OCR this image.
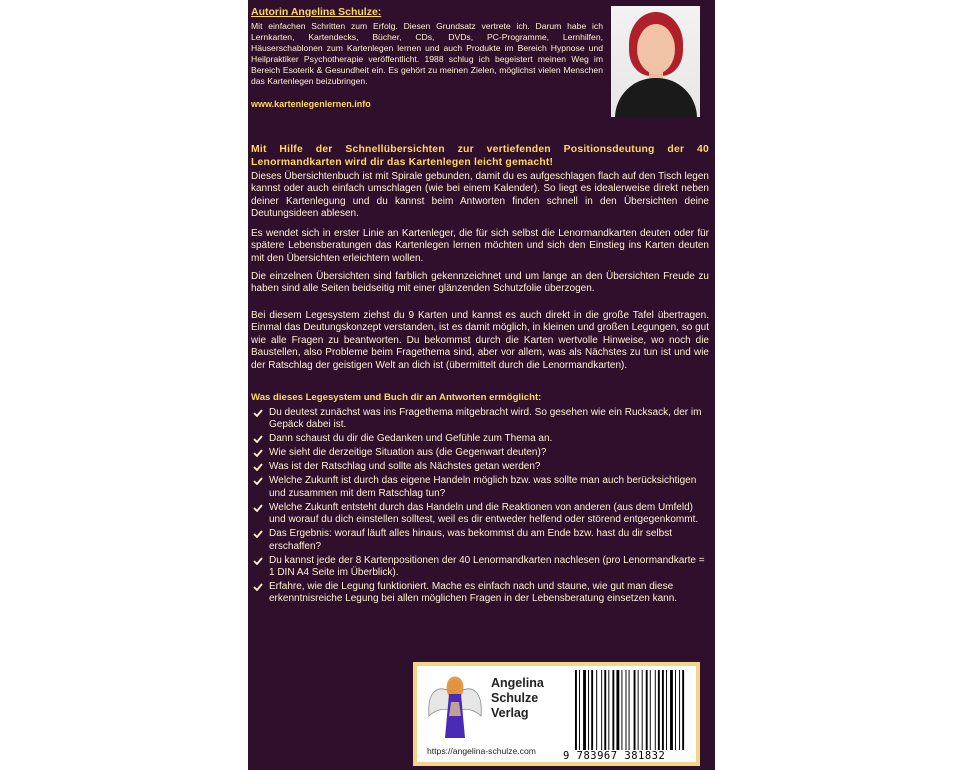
Autorin Angelina Schulze:

Mit einfachen Schritten zum Erfolg. Diesen Grundsatz vertrete ich. Darum habe ich Lernkarten, Kartendecks, Bücher, CDs, DVDs, PC-Programme, Lernhilfen, Häuserschablonen zum Kartenlegen lernen und auch Produkte im Bereich Hypnose und Heilpraktiker Psychotherapie veröffentlicht. 1988 schlug ich begeistert meinen Weg im Bereich Esoterik & Gesundheit ein. Es gehört zu meinen Zielen, möglichst vielen Menschen das Kartenlegen beizubringen.

www.kartenlegenlernen.info

Mit Hilfe der Schnellübersichten zur vertiefenden Positionsdeutung der 40 Lenormandkarten wird dir das Kartenlegen leicht gemacht!

Dieses Übersichtenbuch ist mit Spirale gebunden, damit du es aufgeschlagen flach auf den Tisch legen kannst oder auch einfach umschlagen (wie bei einem Kalender). So liegt es idealerweise direkt neben deiner Kartenlegung und du kannst beim Antworten finden schnell in den Übersichten deine Deutungsideen ablesen.

Es wendet sich in erster Linie an Kartenleger, die für sich selbst die Lenormandkarten deuten oder für spätere Lebensberatungen das Kartenlegen lernen möchten und sich den Einstieg ins Karten deuten mit den Übersichten erleichtern wollen.

Die einzelnen Übersichten sind farblich gekennzeichnet und um lange an den Übersichten Freude zu haben sind alle Seiten beidseitig mit einer glänzenden Schutzfolie überzogen.

Bei diesem Legesystem ziehst du 9 Karten und kannst es auch direkt in die große Tafel übertragen. Einmal das Deutungskonzept verstanden, ist es damit möglich, in kleinen und großen Legungen, so gut wie alle Fragen zu beantworten. Du bekommst durch die Karten wertvolle Hinweise, wo noch die Baustellen, also Probleme beim Fragethema sind, aber vor allem, was als Nächstes zu tun ist und wie der Ratschlag der geistigen Welt an dich ist (übermittelt durch die Lenormandkarten).

Was dieses Legesystem und Buch dir an Antworten ermöglicht:

Du deutest zunächst was ins Fragethema mitgebracht wird. So gesehen wie ein Rucksack, der im Gepäck dabei ist.
Dann schaust du dir die Gedanken und Gefühle zum Thema an.
Wie sieht die derzeitige Situation aus (die Gegenwart deuten)?
Was ist der Ratschlag und sollte als Nächstes getan werden?
Welche Zukunft ist durch das eigene Handeln möglich bzw. was sollte man auch berücksichtigen und zusammen mit dem Ratschlag tun?
Welche Zukunft entsteht durch das Handeln und die Reaktionen von anderen (aus dem Umfeld) und worauf du dich einstellen solltest, weil es dir entweder helfend oder störend entgegenkommt.
Das Ergebnis: worauf läuft alles hinaus, was bekommst du am Ende bzw. hast du dir selbst erschaffen?
Du kannst jede der 8 Kartenpositionen der 40 Lenormandkarten nachlesen (pro Lenormandkarte = 1 DIN A4 Seite im Überblick).
Erfahre, wie die Legung funktioniert. Mache es einfach nach und staune, wie gut man diese erkenntnisreiche Legung bei allen möglichen Fragen in der Lebensberatung einsetzen kann.

Angelina
Schulze
Verlag

https://angelina-schulze.com	9 783967 381832
